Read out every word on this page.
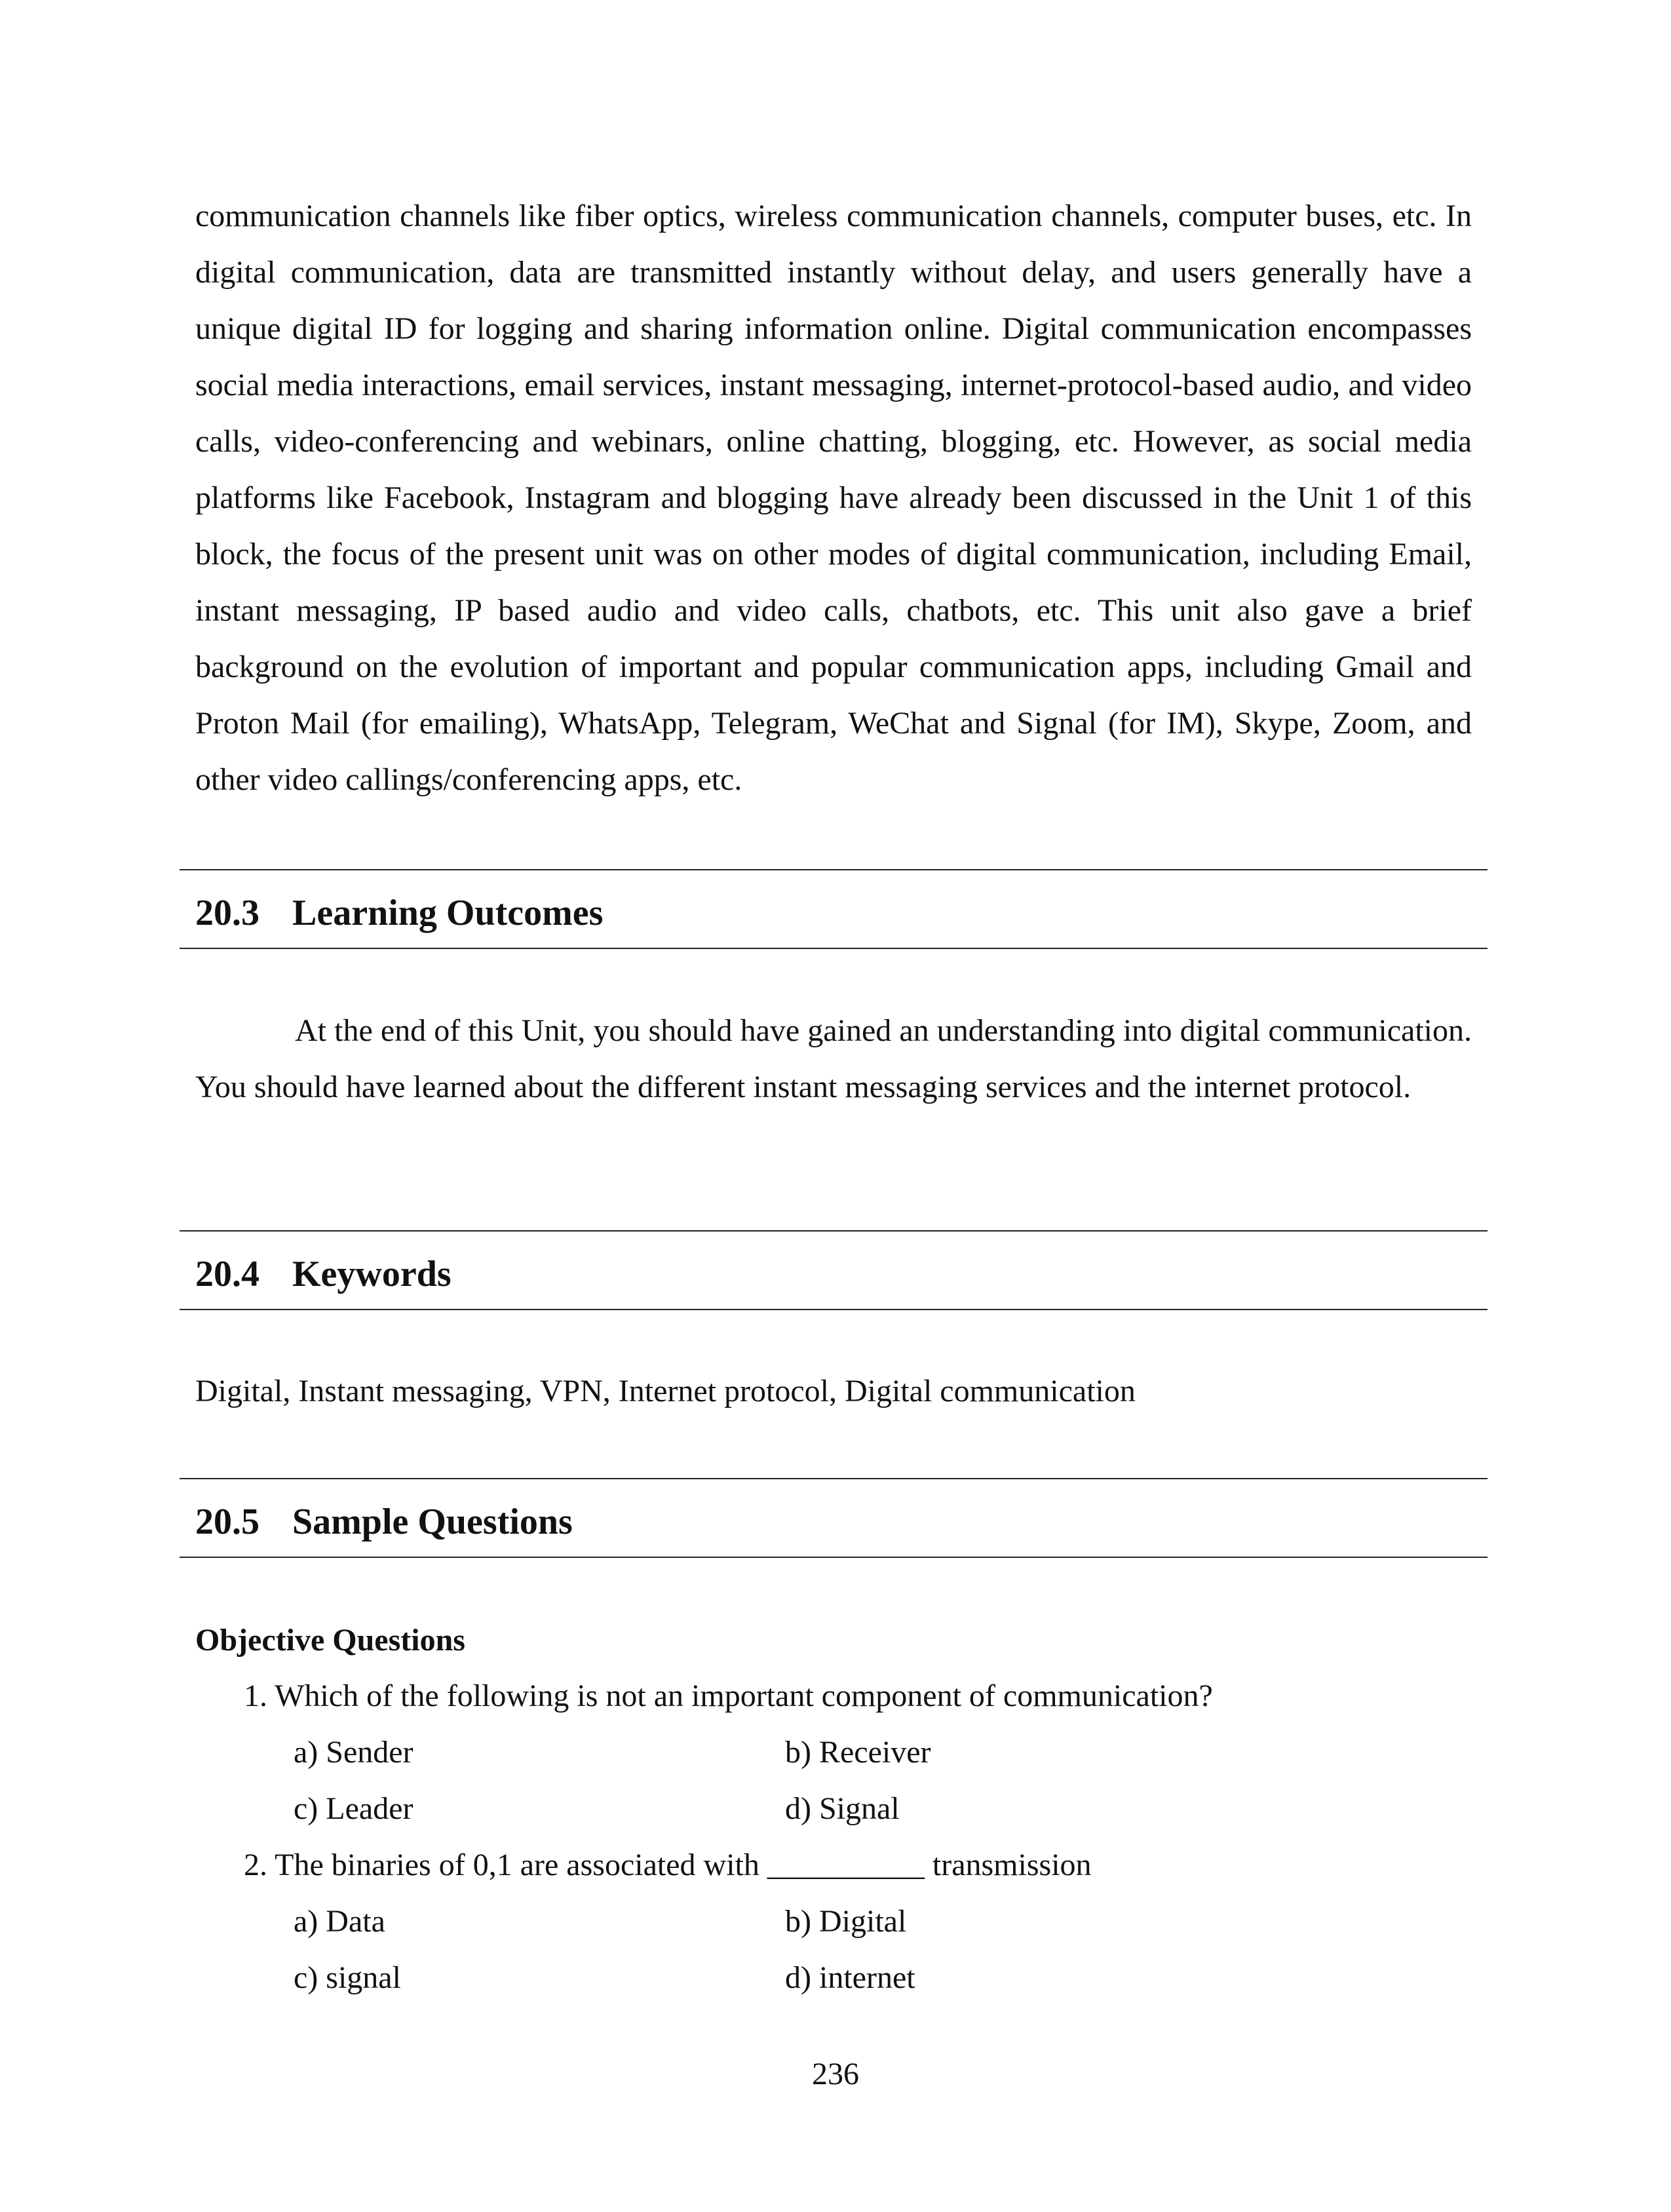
communication channels like fiber optics, wireless communication channels, computer buses, etc. In digital communication, data are transmitted instantly without delay, and users generally have a unique digital ID for logging and sharing information online. Digital communication encompasses social media interactions, email services, instant messaging, internet-protocol-based audio, and video calls, video-conferencing and webinars, online chatting, blogging, etc. However, as social media platforms like Facebook, Instagram and blogging have already been discussed in the Unit 1 of this block, the focus of the present unit was on other modes of digital communication, including Email, instant messaging, IP based audio and video calls, chatbots, etc. This unit also gave a brief background on the evolution of important and popular communication apps, including Gmail and Proton Mail (for emailing), WhatsApp, Telegram, WeChat and Signal (for IM), Skype, Zoom, and other video callings/conferencing apps, etc.

20.3 Learning Outcomes

At the end of this Unit, you should have gained an understanding into digital communication. You should have learned about the different instant messaging services and the internet protocol.

20.4 Keywords

Digital, Instant messaging, VPN, Internet protocol, Digital communication

20.5 Sample Questions
Objective Questions

1. Which of the following is not an important component of communication?

a) Sender	b) Receiver

c) Leader	d) Signal

2. The binaries of 0,1 are associated with __________ transmission

a) Data	b) Digital

c) signal	d) internet

236
